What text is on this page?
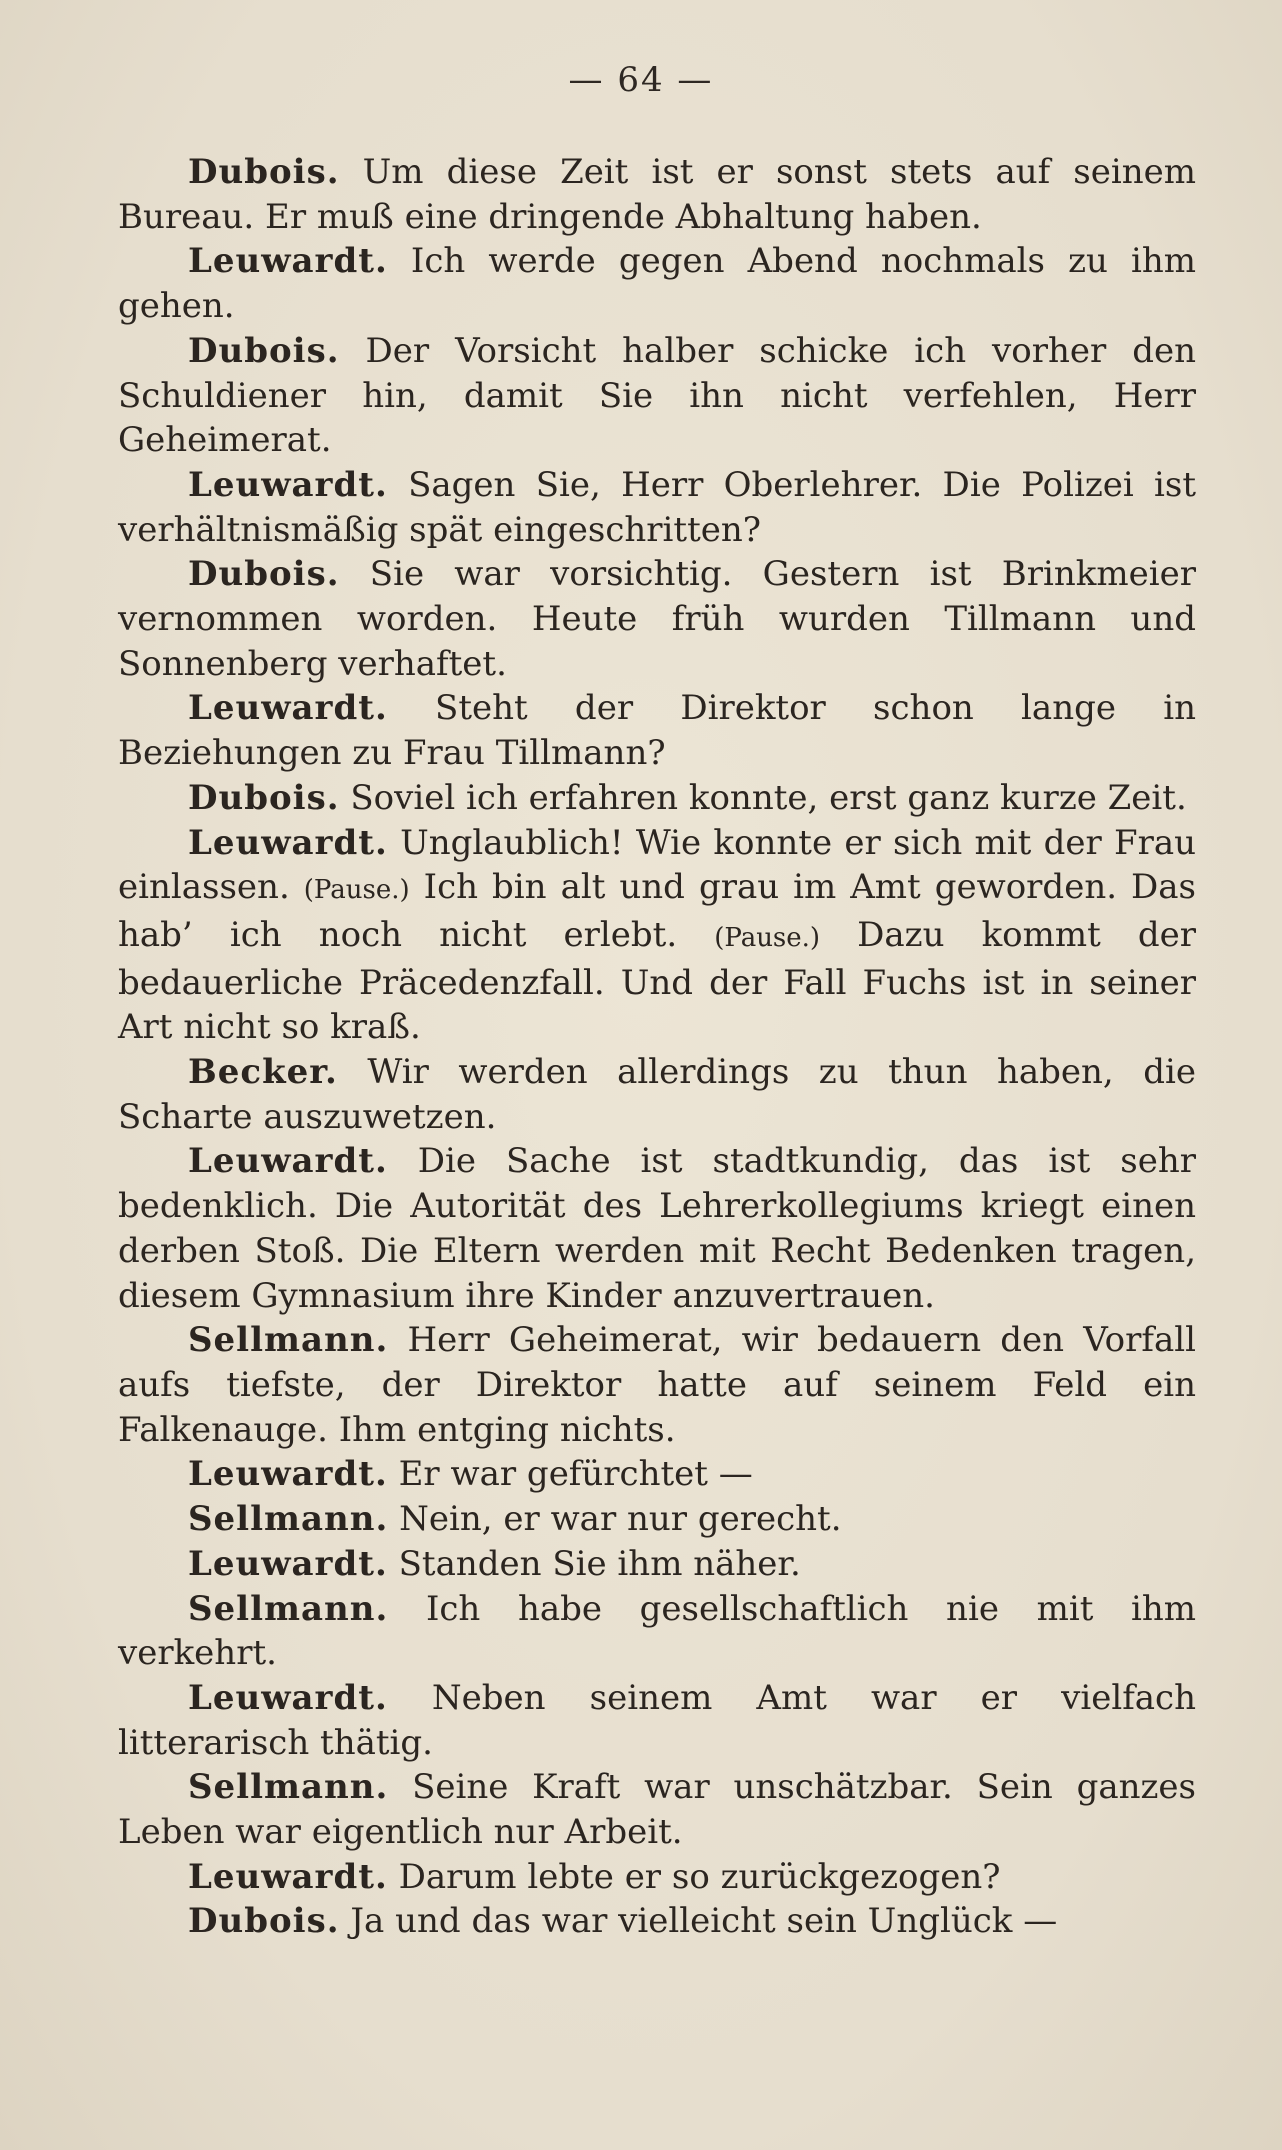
— 64 —

Dubois. Um diese Zeit ist er sonst stets auf seinem Bureau. Er muß eine dringende Abhaltung haben.

Leuwardt. Ich werde gegen Abend nochmals zu ihm gehen.

Dubois. Der Vorsicht halber schicke ich vorher den Schuldiener hin, damit Sie ihn nicht verfehlen, Herr Geheimerat.

Leuwardt. Sagen Sie, Herr Oberlehrer. Die Polizei ist verhältnismäßig spät eingeschritten?

Dubois. Sie war vorsichtig. Gestern ist Brinkmeier vernommen worden. Heute früh wurden Tillmann und Sonnenberg verhaftet.

Leuwardt. Steht der Direktor schon lange in Beziehungen zu Frau Tillmann?

Dubois. Soviel ich erfahren konnte, erst ganz kurze Zeit.

Leuwardt. Unglaublich! Wie konnte er sich mit der Frau einlassen. (Pause.) Ich bin alt und grau im Amt geworden. Das hab’ ich noch nicht erlebt. (Pause.) Dazu kommt der bedauerliche Präcedenzfall. Und der Fall Fuchs ist in seiner Art nicht so kraß.

Becker. Wir werden allerdings zu thun haben, die Scharte auszuwetzen.

Leuwardt. Die Sache ist stadtkundig, das ist sehr bedenklich. Die Autorität des Lehrerkollegiums kriegt einen derben Stoß. Die Eltern werden mit Recht Bedenken tragen, diesem Gymnasium ihre Kinder anzuvertrauen.

Sellmann. Herr Geheimerat, wir bedauern den Vorfall aufs tiefste, der Direktor hatte auf seinem Feld ein Falkenauge. Ihm entging nichts.

Leuwardt. Er war gefürchtet —

Sellmann. Nein, er war nur gerecht.

Leuwardt. Standen Sie ihm näher.

Sellmann. Ich habe gesellschaftlich nie mit ihm verkehrt.

Leuwardt. Neben seinem Amt war er vielfach litterarisch thätig.

Sellmann. Seine Kraft war unschätzbar. Sein ganzes Leben war eigentlich nur Arbeit.

Leuwardt. Darum lebte er so zurückgezogen?

Dubois. Ja und das war vielleicht sein Unglück —
